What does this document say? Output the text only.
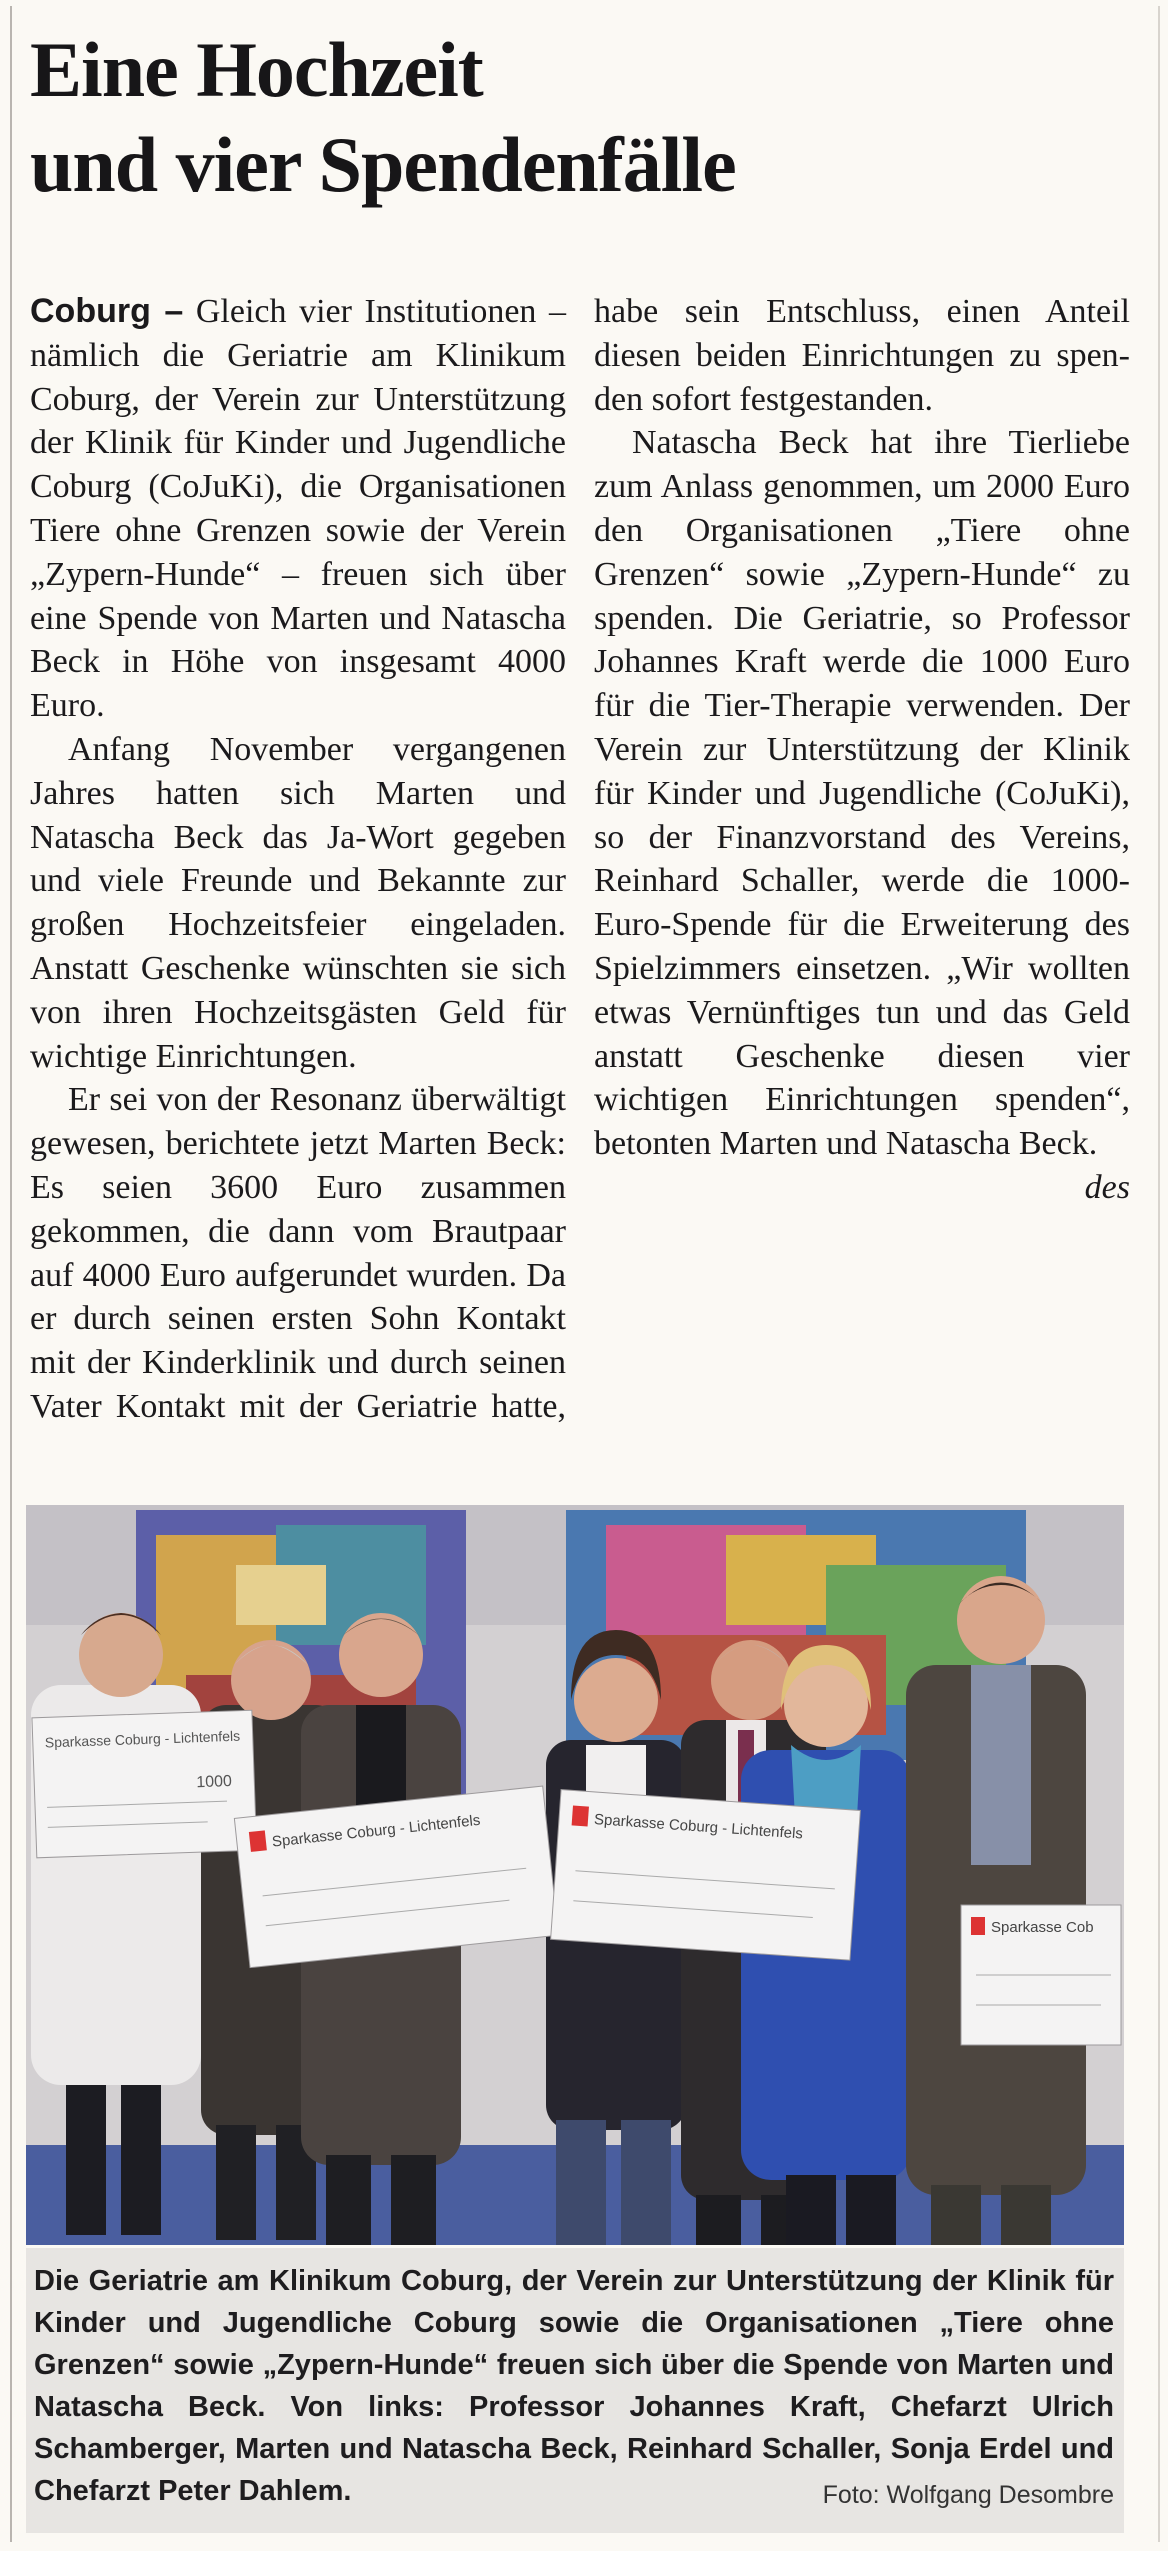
Eine Hochzeit
und vier Spendenfälle

Coburg – Gleich vier Institutionen – nämlich die Geriatrie am Klinikum Coburg, der Verein zur Unterstützung der Klinik für Kinder und Jugendliche Coburg (CoJuKi), die Organisationen Tiere ohne Grenzen sowie der Verein „Zypern-Hunde“ – freuen sich über eine Spende von Marten und Natascha Beck in Höhe von insgesamt 4000 Euro.

Anfang November vergangenen Jahres hatten sich Marten und Natascha Beck das Ja-Wort gegeben und viele Freunde und Bekannte zur großen Hochzeitsfeier eingeladen. Anstatt Geschenke wünschten sie sich von ihren Hochzeitsgästen Geld für wichtige Einrichtungen.

Er sei von der Resonanz überwältigt gewesen, berichtete jetzt Marten Beck: Es seien 3600 Euro zusammen gekommen, die dann vom Brautpaar auf 4000 Euro aufgerundet wurden. Da er durch seinen ersten Sohn Kontakt mit der Kinderklinik und durch seinen Vater Kontakt mit der Geriatrie hatte, habe sein Entschluss, einen Anteil diesen beiden Einrichtungen zu spenden sofort festgestanden.

Natascha Beck hat ihre Tierliebe zum Anlass genommen, um 2000 Euro den Organisationen „Tiere ohne Grenzen“ sowie „Zypern-Hunde“ zu spenden. Die Geriatrie, so Professor Johannes Kraft werde die 1000 Euro für die Tier-Therapie verwenden. Der Verein zur Unterstützung der Klinik für Kinder und Jugendliche (CoJuKi), so der Finanzvorstand des Vereins, Reinhard Schaller, werde die 1000-Euro-Spende für die Erweiterung des Spielzimmers einsetzen. „Wir wollten etwas Vernünftiges tun und das Geld anstatt Geschenke diesen vier wichtigen Einrichtungen spenden“, betonten Marten und Natascha Beck.
des

Sparkasse Coburg - Lichtenfels
1000
Sparkasse Coburg - Lichtenfels	Sparkasse Coburg - Lichtenfels
Sparkasse Cob

Die Geriatrie am Klinikum Coburg, der Verein zur Unterstützung der Klinik für Kinder und Jugendliche Coburg sowie die Organisationen „Tiere ohne Grenzen“ sowie „Zypern-Hunde“ freuen sich über die Spende von Marten und Natascha Beck. Von links: Professor Johannes Kraft, Chefarzt Ulrich Schamberger, Marten und Natascha Beck, Reinhard Schaller, Sonja Erdel und Chefarzt Peter Dahlem.	Foto: Wolfgang Desombre
